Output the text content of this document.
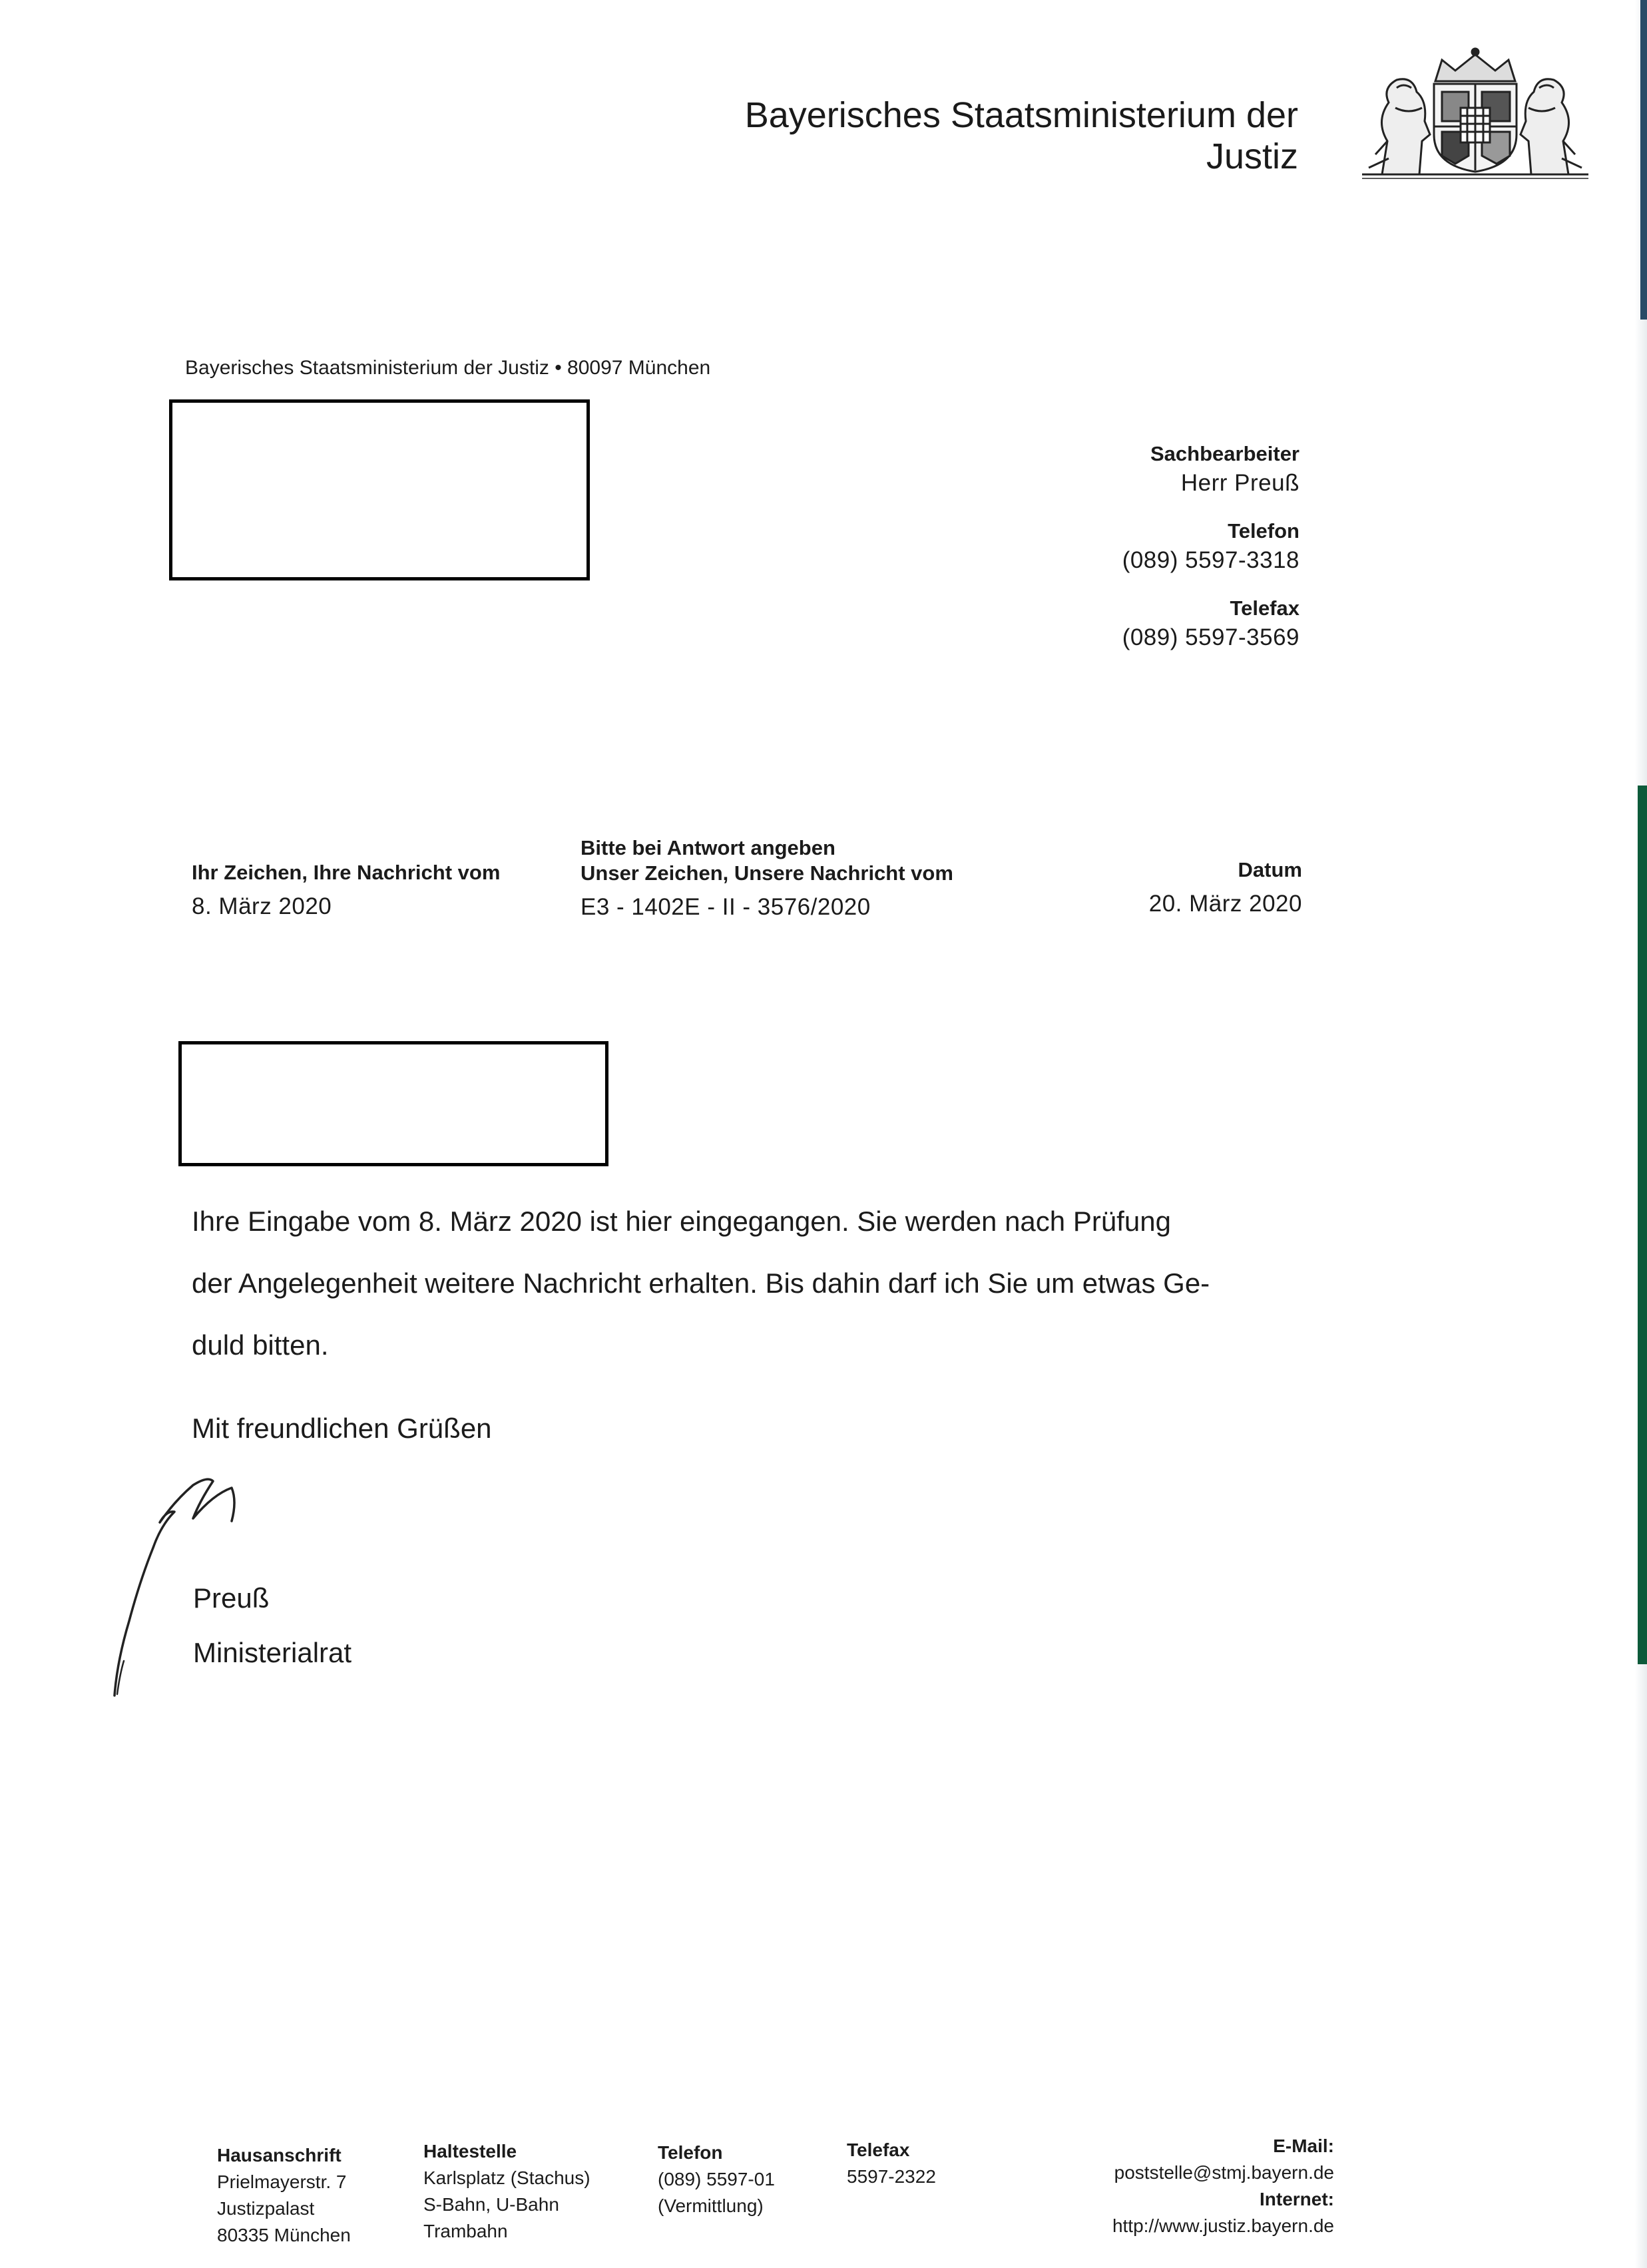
Bayerisches Staatsministerium der
Justiz
Bayerisches Staatsministerium der Justiz • 80097 München
Sachbearbeiter
Herr Preuß
Telefon
(089) 5597-3318
Telefax
(089) 5597-3569
Ihr Zeichen, Ihre Nachricht vom
8. März 2020
Bitte bei Antwort angeben
Unser Zeichen, Unsere Nachricht vom
E3 - 1402E - II - 3576/2020
Datum
20. März 2020
Ihre Eingabe vom 8. März 2020 ist hier eingegangen. Sie werden nach Prüfung
der Angelegenheit weitere Nachricht erhalten. Bis dahin darf ich Sie um etwas Ge-
duld bitten.
Mit freundlichen Grüßen
Preuß
Ministerialrat
Hausanschrift
Prielmayerstr. 7
Justizpalast
80335 München
Haltestelle
Karlsplatz (Stachus)
S-Bahn, U-Bahn
Trambahn
Telefon
(089) 5597-01
(Vermittlung)
Telefax
5597-2322
E-Mail:
poststelle@stmj.bayern.de
Internet:
http://www.justiz.bayern.de
